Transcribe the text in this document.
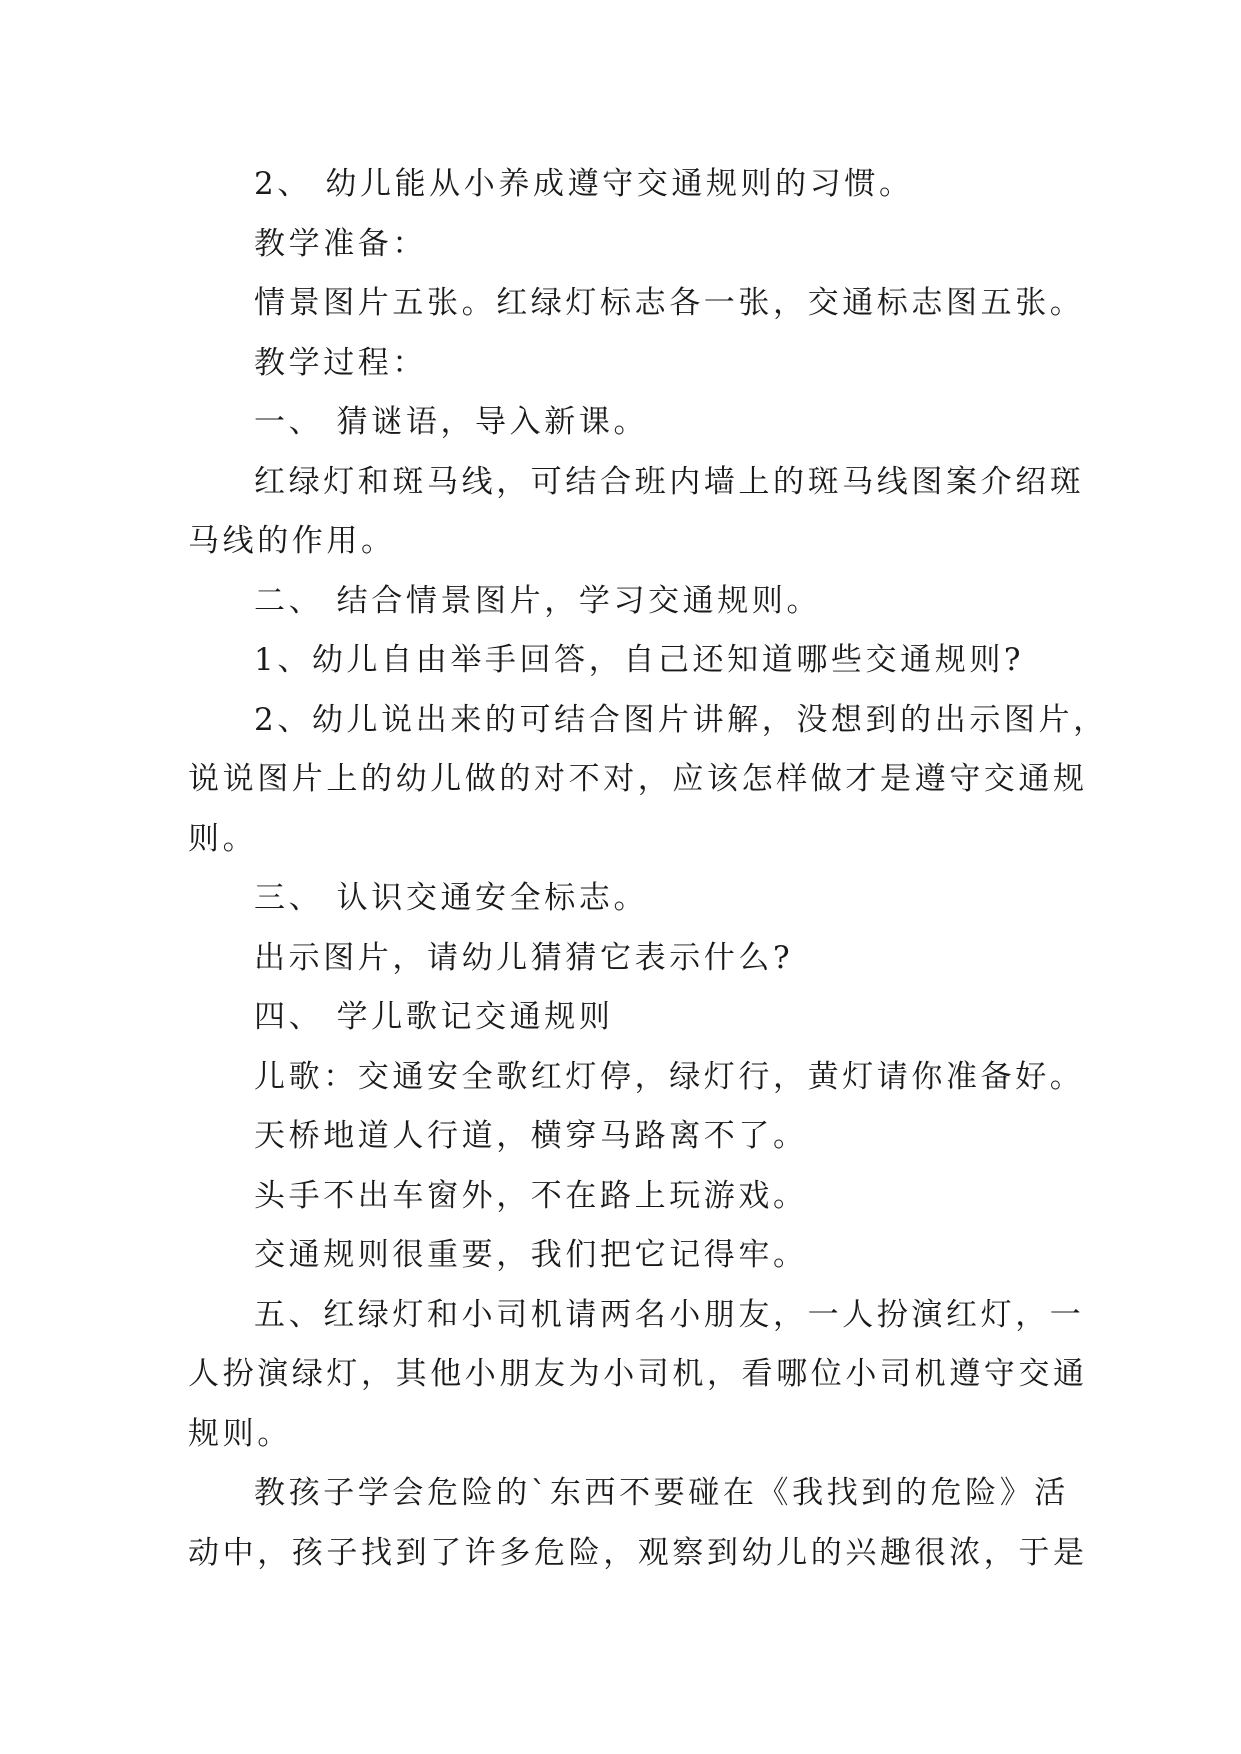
2、 幼儿能从小养成遵守交通规则的习惯。
教学准备：
情景图片五张。红绿灯标志各一张，交通标志图五张。
教学过程：
一、 猜谜语，导入新课。
红绿灯和斑马线，可结合班内墙上的斑马线图案介绍斑
马线的作用。
二、 结合情景图片，学习交通规则。
1、幼儿自由举手回答，自己还知道哪些交通规则?
2、幼儿说出来的可结合图片讲解，没想到的出示图片，
说说图片上的幼儿做的对不对，应该怎样做才是遵守交通规
则。
三、 认识交通安全标志。
出示图片，请幼儿猜猜它表示什么?
四、 学儿歌记交通规则
儿歌：交通安全歌红灯停，绿灯行，黄灯请你准备好。
天桥地道人行道，横穿马路离不了。
头手不出车窗外，不在路上玩游戏。
交通规则很重要，我们把它记得牢。
五、红绿灯和小司机请两名小朋友，一人扮演红灯，一
人扮演绿灯，其他小朋友为小司机，看哪位小司机遵守交通
规则。
教孩子学会危险的`东西不要碰在《我找到的危险》活
动中，孩子找到了许多危险，观察到幼儿的兴趣很浓，于是
